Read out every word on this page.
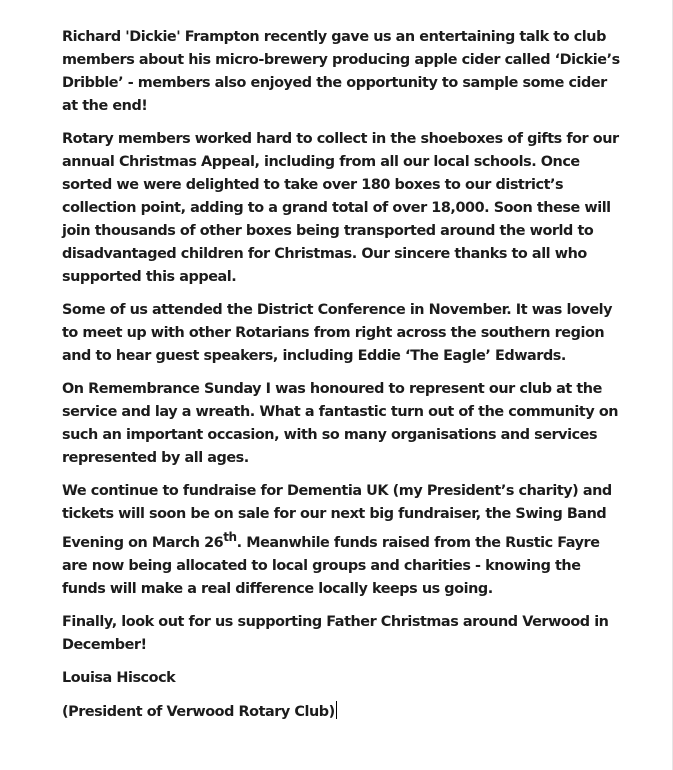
Richard 'Dickie' Frampton recently gave us an entertaining talk to club members about his micro-brewery producing apple cider called ‘Dickie’s Dribble’ - members also enjoyed the opportunity to sample some cider at the end!

Rotary members worked hard to collect in the shoeboxes of gifts for our annual Christmas Appeal, including from all our local schools. Once sorted we were delighted to take over 180 boxes to our district’s collection point, adding to a grand total of over 18,000. Soon these will join thousands of other boxes being transported around the world to disadvantaged children for Christmas. Our sincere thanks to all who supported this appeal.

Some of us attended the District Conference in November. It was lovely to meet up with other Rotarians from right across the southern region and to hear guest speakers, including Eddie ‘The Eagle’ Edwards.

On Remembrance Sunday I was honoured to represent our club at the service and lay a wreath. What a fantastic turn out of the community on such an important occasion, with so many organisations and services represented by all ages.

We continue to fundraise for Dementia UK (my President’s charity) and tickets will soon be on sale for our next big fundraiser, the Swing Band Evening on March 26th. Meanwhile funds raised from the Rustic Fayre are now being allocated to local groups and charities - knowing the funds will make a real difference locally keeps us going.

Finally, look out for us supporting Father Christmas around Verwood in December!

Louisa Hiscock

(President of Verwood Rotary Club)
